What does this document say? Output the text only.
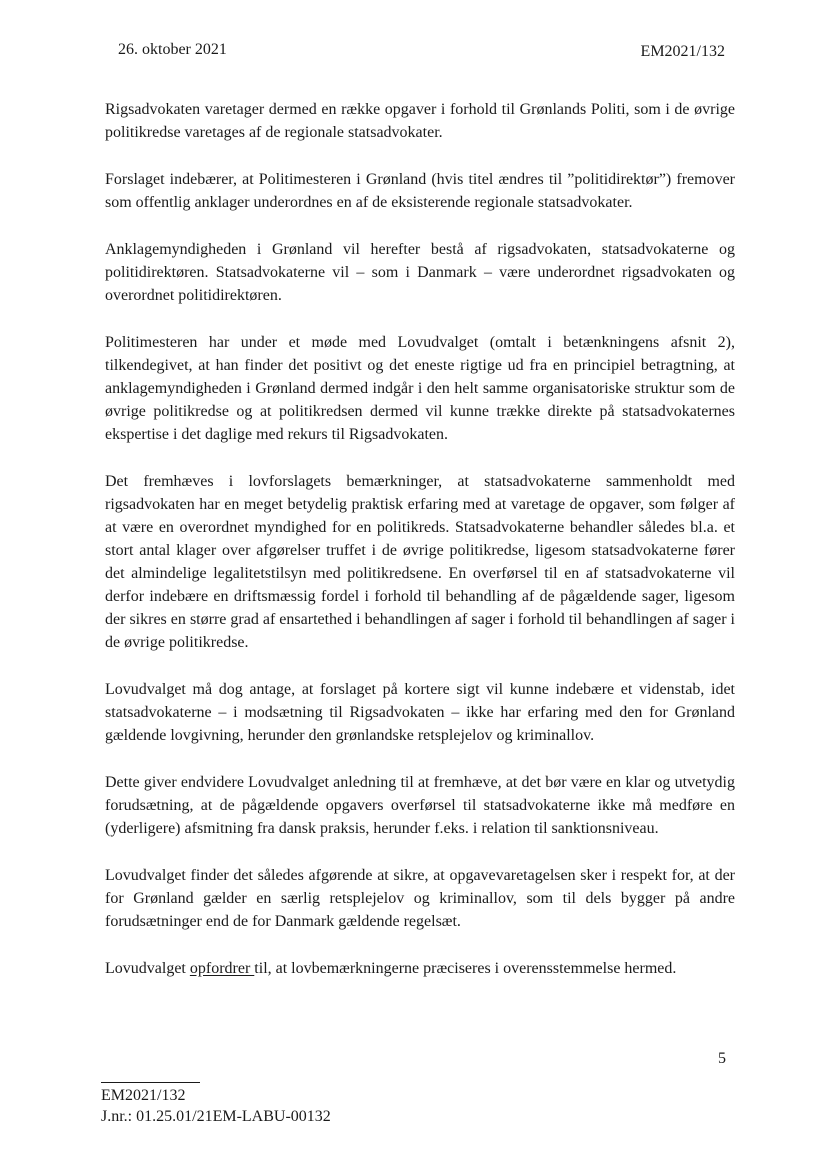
26. oktober 2021	EM2021/132

Rigsadvokaten varetager dermed en række opgaver i forhold til Grønlands Politi, som i de øvrige politikredse varetages af de regionale statsadvokater.

Forslaget indebærer, at Politimesteren i Grønland (hvis titel ændres til ”politidirektør”) fremover som offentlig anklager underordnes en af de eksisterende regionale statsadvokater.

Anklagemyndigheden i Grønland vil herefter bestå af rigsadvokaten, statsadvokaterne og politidirektøren. Statsadvokaterne vil – som i Danmark – være underordnet rigsadvokaten og overordnet politidirektøren.

Politimesteren har under et møde med Lovudvalget (omtalt i betænkningens afsnit 2), tilkendegivet, at han finder det positivt og det eneste rigtige ud fra en principiel betragtning, at anklagemyndigheden i Grønland dermed indgår i den helt samme organisatoriske struktur som de øvrige politikredse og at politikredsen dermed vil kunne trække direkte på statsadvokaternes ekspertise i det daglige med rekurs til Rigsadvokaten.

Det fremhæves i lovforslagets bemærkninger, at statsadvokaterne sammenholdt med rigsadvokaten har en meget betydelig praktisk erfaring med at varetage de opgaver, som følger af at være en overordnet myndighed for en politikreds. Statsadvokaterne behandler således bl.a. et stort antal klager over afgørelser truffet i de øvrige politikredse, ligesom statsadvokaterne fører det almindelige legalitetstilsyn med politikredsene. En overførsel til en af statsadvokaterne vil derfor indebære en driftsmæssig fordel i forhold til behandling af de pågældende sager, ligesom der sikres en større grad af ensartethed i behandlingen af sager i forhold til behandlingen af sager i de øvrige politikredse.

Lovudvalget må dog antage, at forslaget på kortere sigt vil kunne indebære et videnstab, idet statsadvokaterne – i modsætning til Rigsadvokaten – ikke har erfaring med den for Grønland gældende lovgivning, herunder den grønlandske retsplejelov og kriminallov.

Dette giver endvidere Lovudvalget anledning til at fremhæve, at det bør være en klar og utvetydig forudsætning, at de pågældende opgavers overførsel til statsadvokaterne ikke må medføre en (yderligere) afsmitning fra dansk praksis, herunder f.eks. i relation til sanktionsniveau.

Lovudvalget finder det således afgørende at sikre, at opgavevaretagelsen sker i respekt for, at der for Grønland gælder en særlig retsplejelov og kriminallov, som til dels bygger på andre forudsætninger end de for Danmark gældende regelsæt.

Lovudvalget opfordrer til, at lovbemærkningerne præciseres i overensstemmelse hermed.

5
EM2021/132
J.nr.: 01.25.01/21EM-LABU-00132
